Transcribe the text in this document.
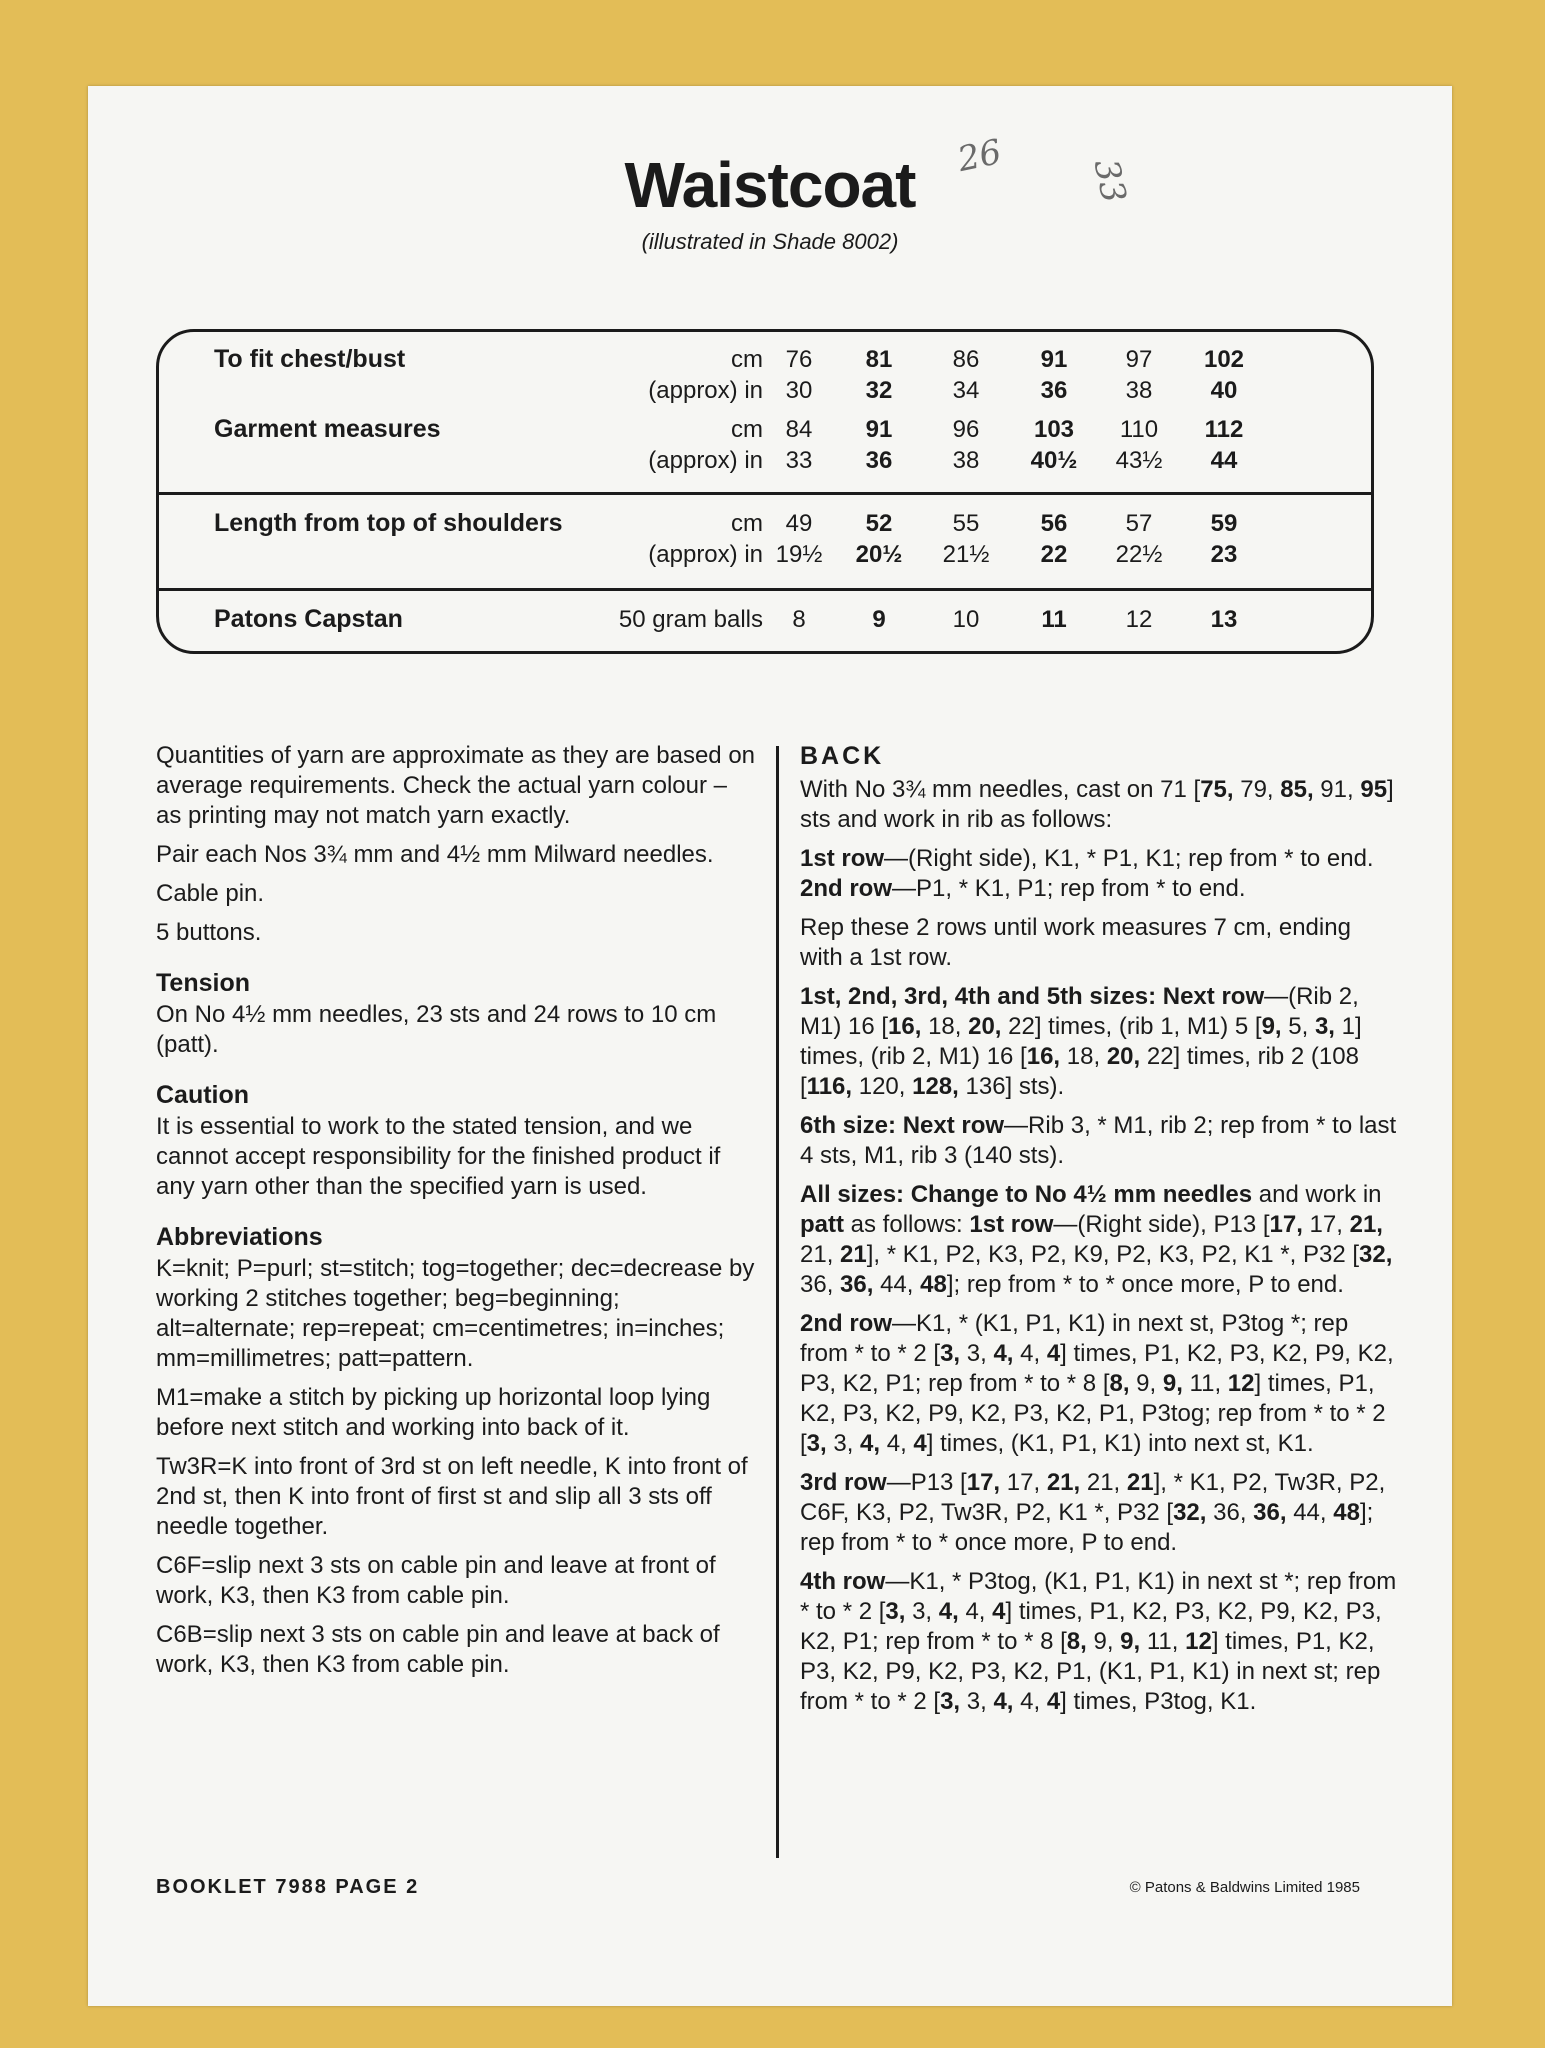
Waistcoat
(illustrated in Shade 8002)
26 33
To fit chest/bust	cm 76	81	86	91	97	102
(approx) in 30	32	34	36	38	40
Garment measures	cm 84	91	96	103	110	112
(approx) in 33	36	38	40½	43½	44
Length from top of shoulders	cm 49	52	55	56	57	59
(approx) in 19½	20½	21½	22	22½	23
Patons Capstan	50 gram balls	8	9	10	11	12	13

Quantities of yarn are approximate as they are based on average requirements. Check the actual yarn colour – as printing may not match yarn exactly.

Pair each Nos 3¾ mm and 4½ mm Milward needles.

Cable pin.

5 buttons.

Tension

On No 4½ mm needles, 23 sts and 24 rows to 10 cm (patt).

Caution

It is essential to work to the stated tension, and we cannot accept responsibility for the finished product if any yarn other than the specified yarn is used.

Abbreviations

K=knit; P=purl; st=stitch; tog=together; dec=decrease by working 2 stitches together; beg=beginning; alt=alternate; rep=repeat; cm=centimetres; in=inches; mm=millimetres; patt=pattern.

M1=make a stitch by picking up horizontal loop lying before next stitch and working into back of it.

Tw3R=K into front of 3rd st on left needle, K into front of 2nd st, then K into front of first st and slip all 3 sts off needle together.

C6F=slip next 3 sts on cable pin and leave at front of work, K3, then K3 from cable pin.

C6B=slip next 3 sts on cable pin and leave at back of work, K3, then K3 from cable pin.

BACK

With No 3¾ mm needles, cast on 71 [75, 79, 85, 91, 95] sts and work in rib as follows:

1st row—(Right side), K1, * P1, K1; rep from * to end. 2nd row—P1, * K1, P1; rep from * to end.

Rep these 2 rows until work measures 7 cm, ending with a 1st row.

1st, 2nd, 3rd, 4th and 5th sizes: Next row—(Rib 2, M1) 16 [16, 18, 20, 22] times, (rib 1, M1) 5 [9, 5, 3, 1] times, (rib 2, M1) 16 [16, 18, 20, 22] times, rib 2 (108 [116, 120, 128, 136] sts).

6th size: Next row—Rib 3, * M1, rib 2; rep from * to last 4 sts, M1, rib 3 (140 sts).

All sizes: Change to No 4½ mm needles and work in patt as follows: 1st row—(Right side), P13 [17, 17, 21, 21, 21], * K1, P2, K3, P2, K9, P2, K3, P2, K1 *, P32 [32, 36, 36, 44, 48]; rep from * to * once more, P to end.

2nd row—K1, * (K1, P1, K1) in next st, P3tog *; rep from * to * 2 [3, 3, 4, 4, 4] times, P1, K2, P3, K2, P9, K2, P3, K2, P1; rep from * to * 8 [8, 9, 9, 11, 12] times, P1, K2, P3, K2, P9, K2, P3, K2, P1, P3tog; rep from * to * 2 [3, 3, 4, 4, 4] times, (K1, P1, K1) into next st, K1.

3rd row—P13 [17, 17, 21, 21, 21], * K1, P2, Tw3R, P2, C6F, K3, P2, Tw3R, P2, K1 *, P32 [32, 36, 36, 44, 48]; rep from * to * once more, P to end.

4th row—K1, * P3tog, (K1, P1, K1) in next st *; rep from * to * 2 [3, 3, 4, 4, 4] times, P1, K2, P3, K2, P9, K2, P3, K2, P1; rep from * to * 8 [8, 9, 9, 11, 12] times, P1, K2, P3, K2, P9, K2, P3, K2, P1, (K1, P1, K1) in next st; rep from * to * 2 [3, 3, 4, 4, 4] times, P3tog, K1.

BOOKLET 7988 PAGE 2	© Patons & Baldwins Limited 1985
